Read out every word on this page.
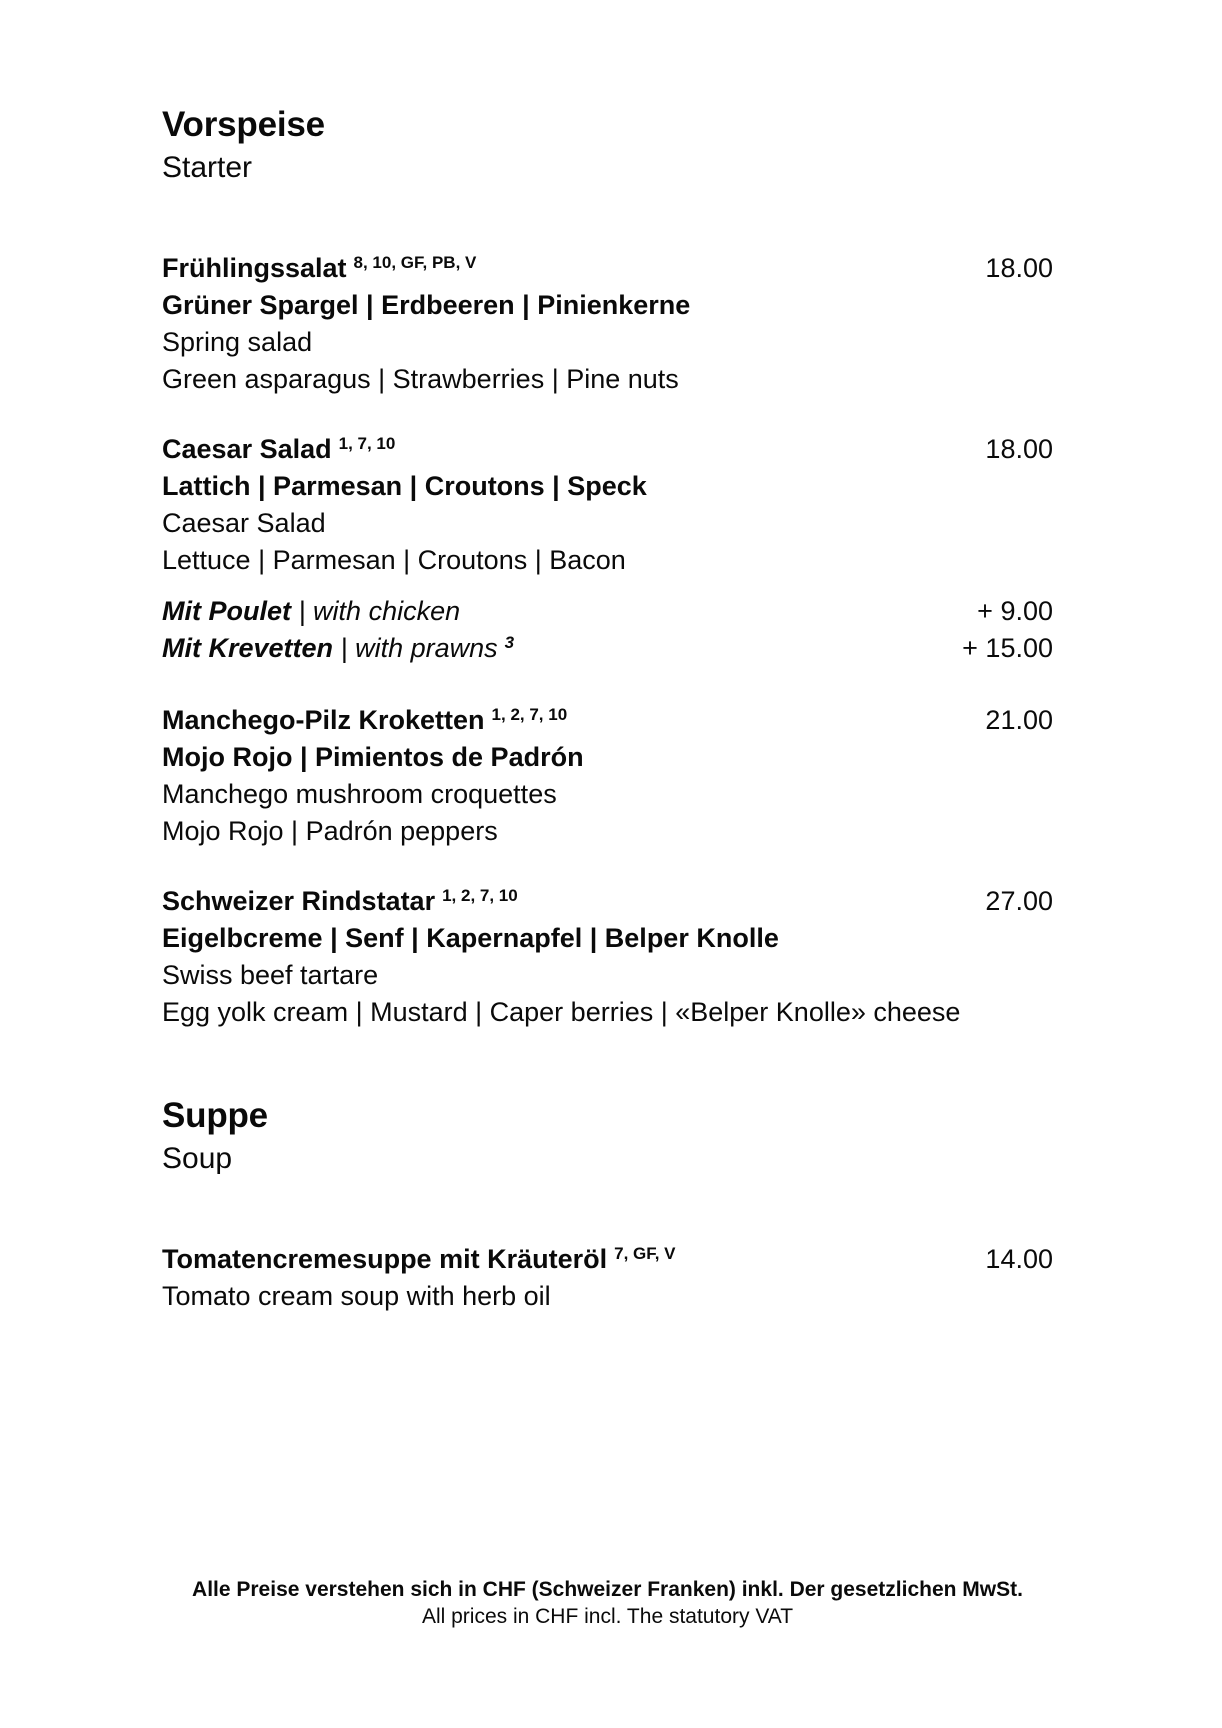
Vorspeise
Starter
Frühlingssalat $^{8, 10, GF, PB, V}$	18.00
Grüner Spargel | Erdbeeren | Pinienkerne
Spring salad
Green asparagus | Strawberries | Pine nuts
Caesar Salad $^{1, 7, 10}$	18.00
Lattich | Parmesan | Croutons | Speck
Caesar Salad
Lettuce | Parmesan | Croutons | Bacon
Mit Poulet | with chicken	+ 9.00
Mit Krevetten | with prawns $^3$	+ 15.00
Manchego-Pilz Kroketten $^{1, 2, 7, 10}$	21.00
Mojo Rojo | Pimientos de Padrón
Manchego mushroom croquettes
Mojo Rojo | Padrón peppers
Schweizer Rindstatar $^{1, 2, 7, 10}$	27.00
Eigelbcreme | Senf | Kapernapfel | Belper Knolle
Swiss beef tartare
Egg yolk cream | Mustard | Caper berries | «Belper Knolle» cheese
Suppe
Soup
Tomatencremesuppe mit Kräuteröl $^{7, GF, V}$	14.00
Tomato cream soup with herb oil
Alle Preise verstehen sich in CHF (Schweizer Franken) inkl. Der gesetzlichen MwSt.
All prices in CHF incl. The statutory VAT
